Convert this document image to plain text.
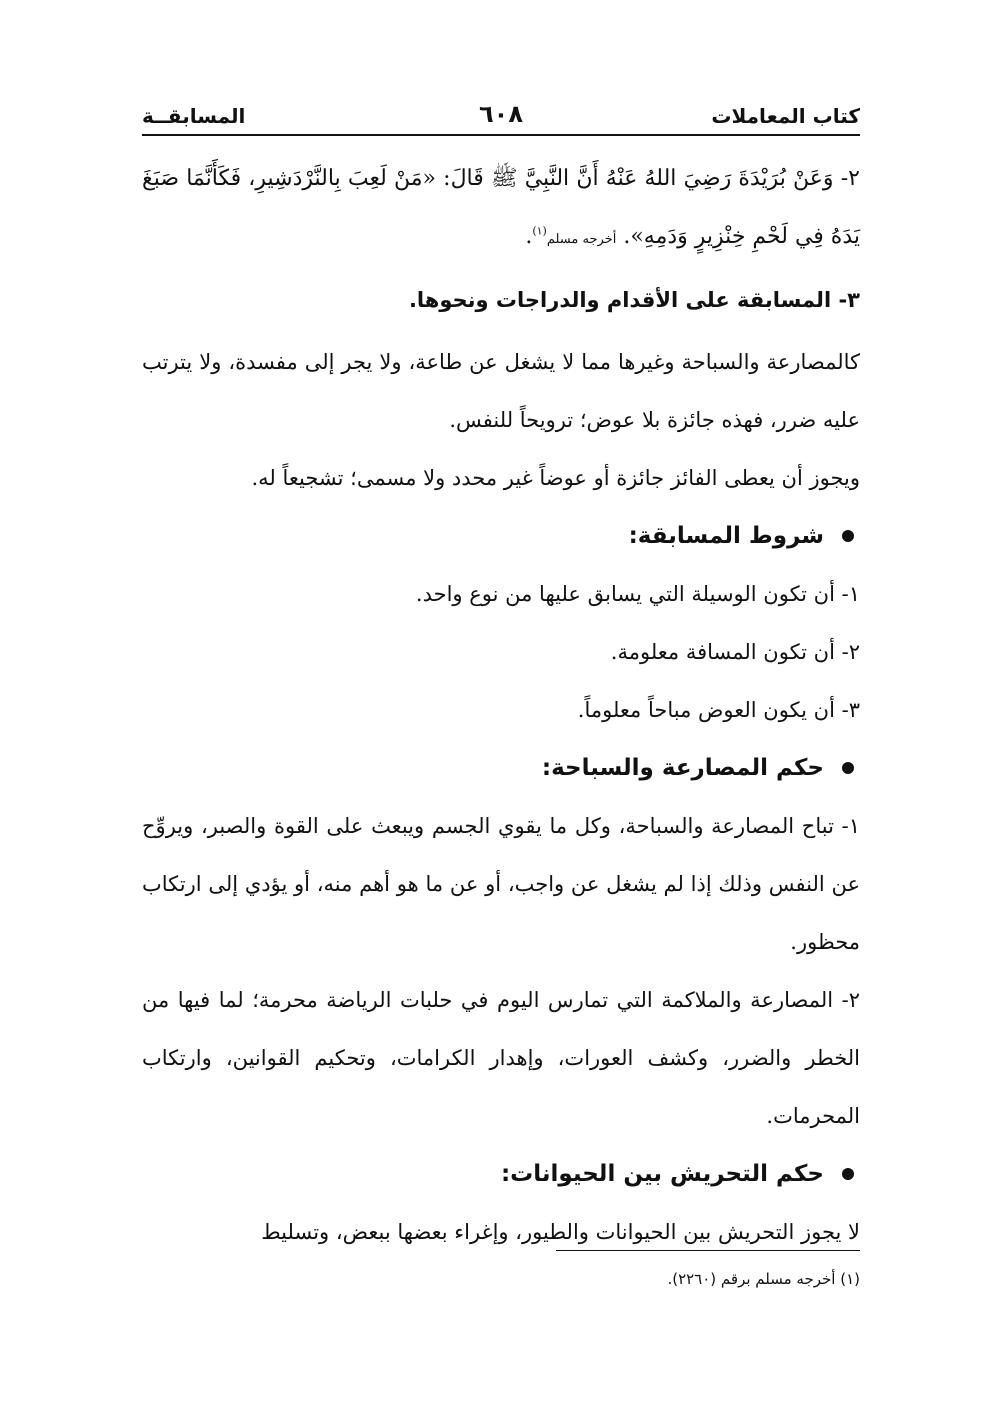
كتاب المعاملات
٦٠٨
المسابقــة

٢- وَعَنْ بُرَيْدَةَ رَضِيَ اللهُ عَنْهُ أَنَّ النَّبِيَّ ﷺ قَالَ: «مَنْ لَعِبَ بِالنَّرْدَشِيرِ، فَكَأَنَّمَا صَبَغَ يَدَهُ فِي لَحْمِ خِنْزِيرٍ وَدَمِهِ». أخرجه مسلم$^{(١)}$.

٣- المسابقة على الأقدام والدراجات ونحوها.

كالمصارعة والسباحة وغيرها مما لا يشغل عن طاعة، ولا يجر إلى مفسدة، ولا يترتب عليه ضرر، فهذه جائزة بلا عوض؛ ترويحاً للنفس.

ويجوز أن يعطى الفائز جائزة أو عوضاً غير محدد ولا مسمى؛ تشجيعاً له.

شروط المسابقة:

١- أن تكون الوسيلة التي يسابق عليها من نوع واحد.

٢- أن تكون المسافة معلومة.

٣- أن يكون العوض مباحاً معلوماً.

حكم المصارعة والسباحة:

١- تباح المصارعة والسباحة، وكل ما يقوي الجسم ويبعث على القوة والصبر، ويروِّح عن النفس وذلك إذا لم يشغل عن واجب، أو عن ما هو أهم منه، أو يؤدي إلى ارتكاب محظور.

٢- المصارعة والملاكمة التي تمارس اليوم في حلبات الرياضة محرمة؛ لما فيها من الخطر والضرر، وكشف العورات، وإهدار الكرامات، وتحكيم القوانين، وارتكاب المحرمات.

حكم التحريش بين الحيوانات:

لا يجوز التحريش بين الحيوانات والطيور، وإغراء بعضها ببعض، وتسليط

(١) أخرجه مسلم برقم (٢٢٦٠).
